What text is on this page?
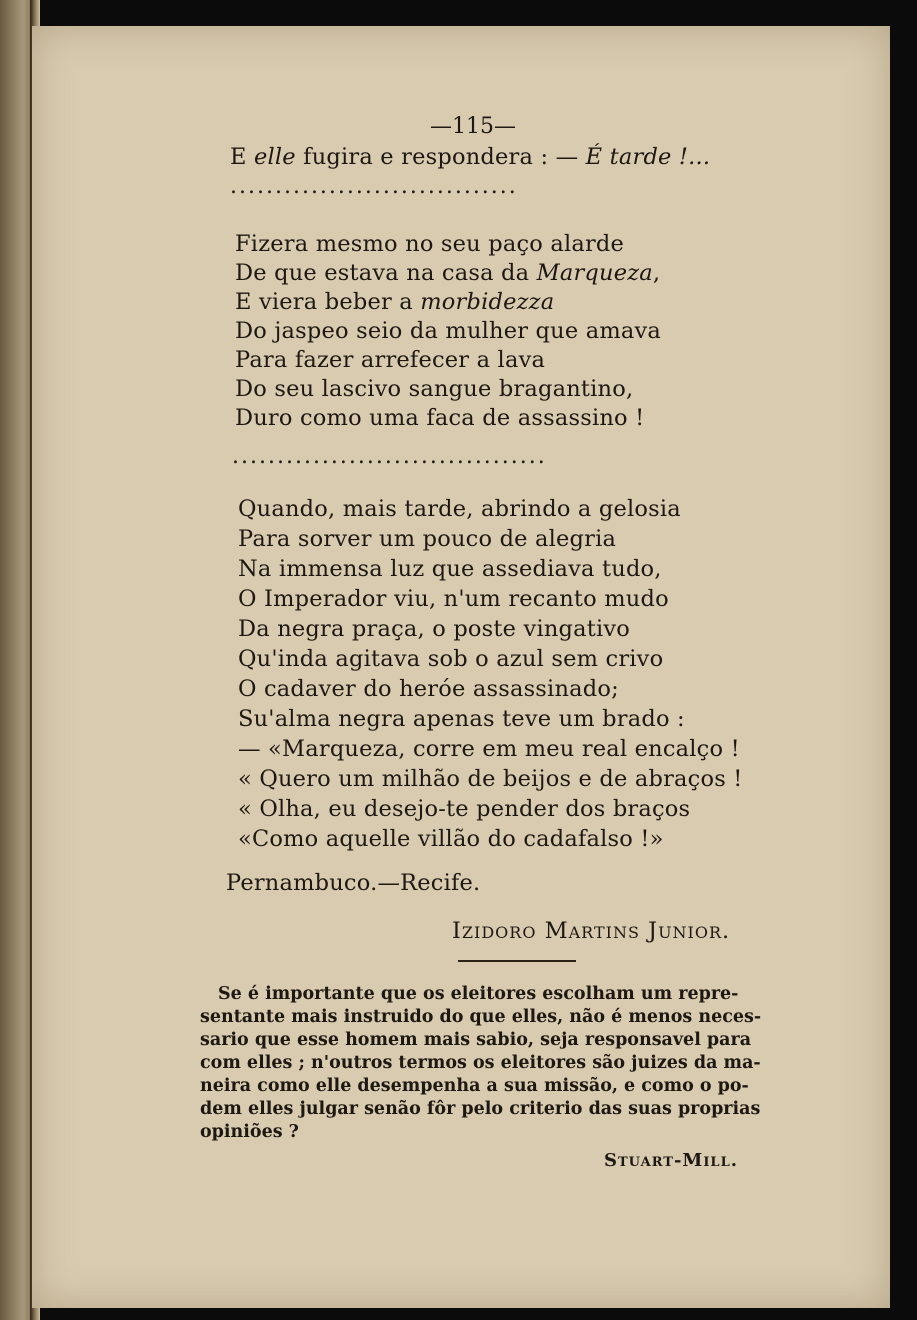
—115—
E elle fugira e respondera : — É tarde !...
................................
Fizera mesmo no seu paço alarde
De que estava na casa da Marqueza,
E viera beber a morbidezza
Do jaspeo seio da mulher que amava
Para fazer arrefecer a lava
Do seu lascivo sangue bragantino,
Duro como uma faca de assassino !
...................................
Quando, mais tarde, abrindo a gelosia
Para sorver um pouco de alegria
Na immensa luz que assediava tudo,
O Imperador viu, n'um recanto mudo
Da negra praça, o poste vingativo
Qu'inda agitava sob o azul sem crivo
O cadaver do heróe assassinado;
Su'alma negra apenas teve um brado :
— «Marqueza, corre em meu real encalço !
« Quero um milhão de beijos e de abraços !
« Olha, eu desejo-te pender dos braços
«Como aquelle villão do cadafalso !»
Pernambuco.—Recife.
Izidoro Martins Junior.
Se é importante que os eleitores escolham um repre-
sentante mais instruido do que elles, não é menos neces-
sario que esse homem mais sabio, seja responsavel para
com elles ; n'outros termos os eleitores são juizes da ma-
neira como elle desempenha a sua missão, e como o po-
dem elles julgar senão fôr pelo criterio das suas proprias
opiniões ?
Stuart-Mill.
